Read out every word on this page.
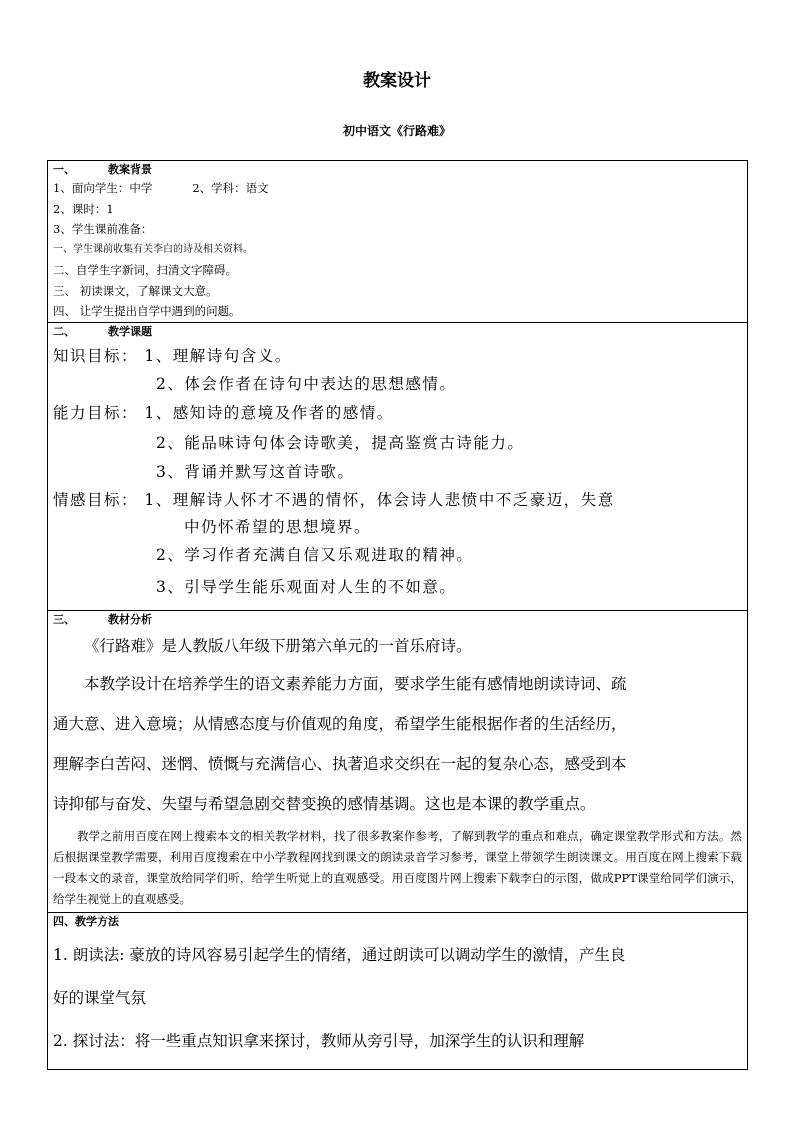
教案设计
初中语文《行路难》
一、	教案背景
1、面向学生：中学	2、学科：语文
2、课时：1
3、学生课前准备：
一、学生课前收集有关李白的诗及相关资料。
二、自学生字新词，扫清文字障碍。
三、 初读课文，了解课文大意。
四、 让学生提出自学中遇到的问题。
二、	教学课题
知识目标： 1、理解诗句含义。
2、体会作者在诗句中表达的思想感情。
能力目标： 1、感知诗的意境及作者的感情。
2、能品味诗句体会诗歌美，提高鉴赏古诗能力。
3、背诵并默写这首诗歌。
情感目标： 1、理解诗人怀才不遇的情怀，体会诗人悲愤中不乏豪迈，失意
中仍怀希望的思想境界。
2、学习作者充满自信又乐观进取的精神。
3、引导学生能乐观面对人生的不如意。
三、	教材分析
《行路难》是人教版八年级下册第六单元的一首乐府诗。
本教学设计在培养学生的语文素养能力方面，要求学生能有感情地朗读诗词、疏
通大意、进入意境；从情感态度与价值观的角度，希望学生能根据作者的生活经历，
理解李白苦闷、迷惘、愤慨与充满信心、执著追求交织在一起的复杂心态，感受到本
诗抑郁与奋发、失望与希望急剧交替变换的感情基调。这也是本课的教学重点。
教学之前用百度在网上搜索本文的相关教学材料，找了很多教案作参考，了解到教学的重点和难点，确定课堂教学形式和方法。然后根据课堂教学需要，利用百度搜索在中小学教程网找到课文的朗读录音学习参考，课堂上带领学生朗读课文。用百度在网上搜索下载一段本文的录音，课堂放给同学们听，给学生听觉上的直观感受。用百度图片网上搜索下载李白的示图，做成PPT课堂给同学们演示，给学生视觉上的直观感受。
四、教学方法
1. 朗读法: 豪放的诗风容易引起学生的情绪，通过朗读可以调动学生的激情，产生良
好的课堂气氛
2. 探讨法：将一些重点知识拿来探讨，教师从旁引导，加深学生的认识和理解
